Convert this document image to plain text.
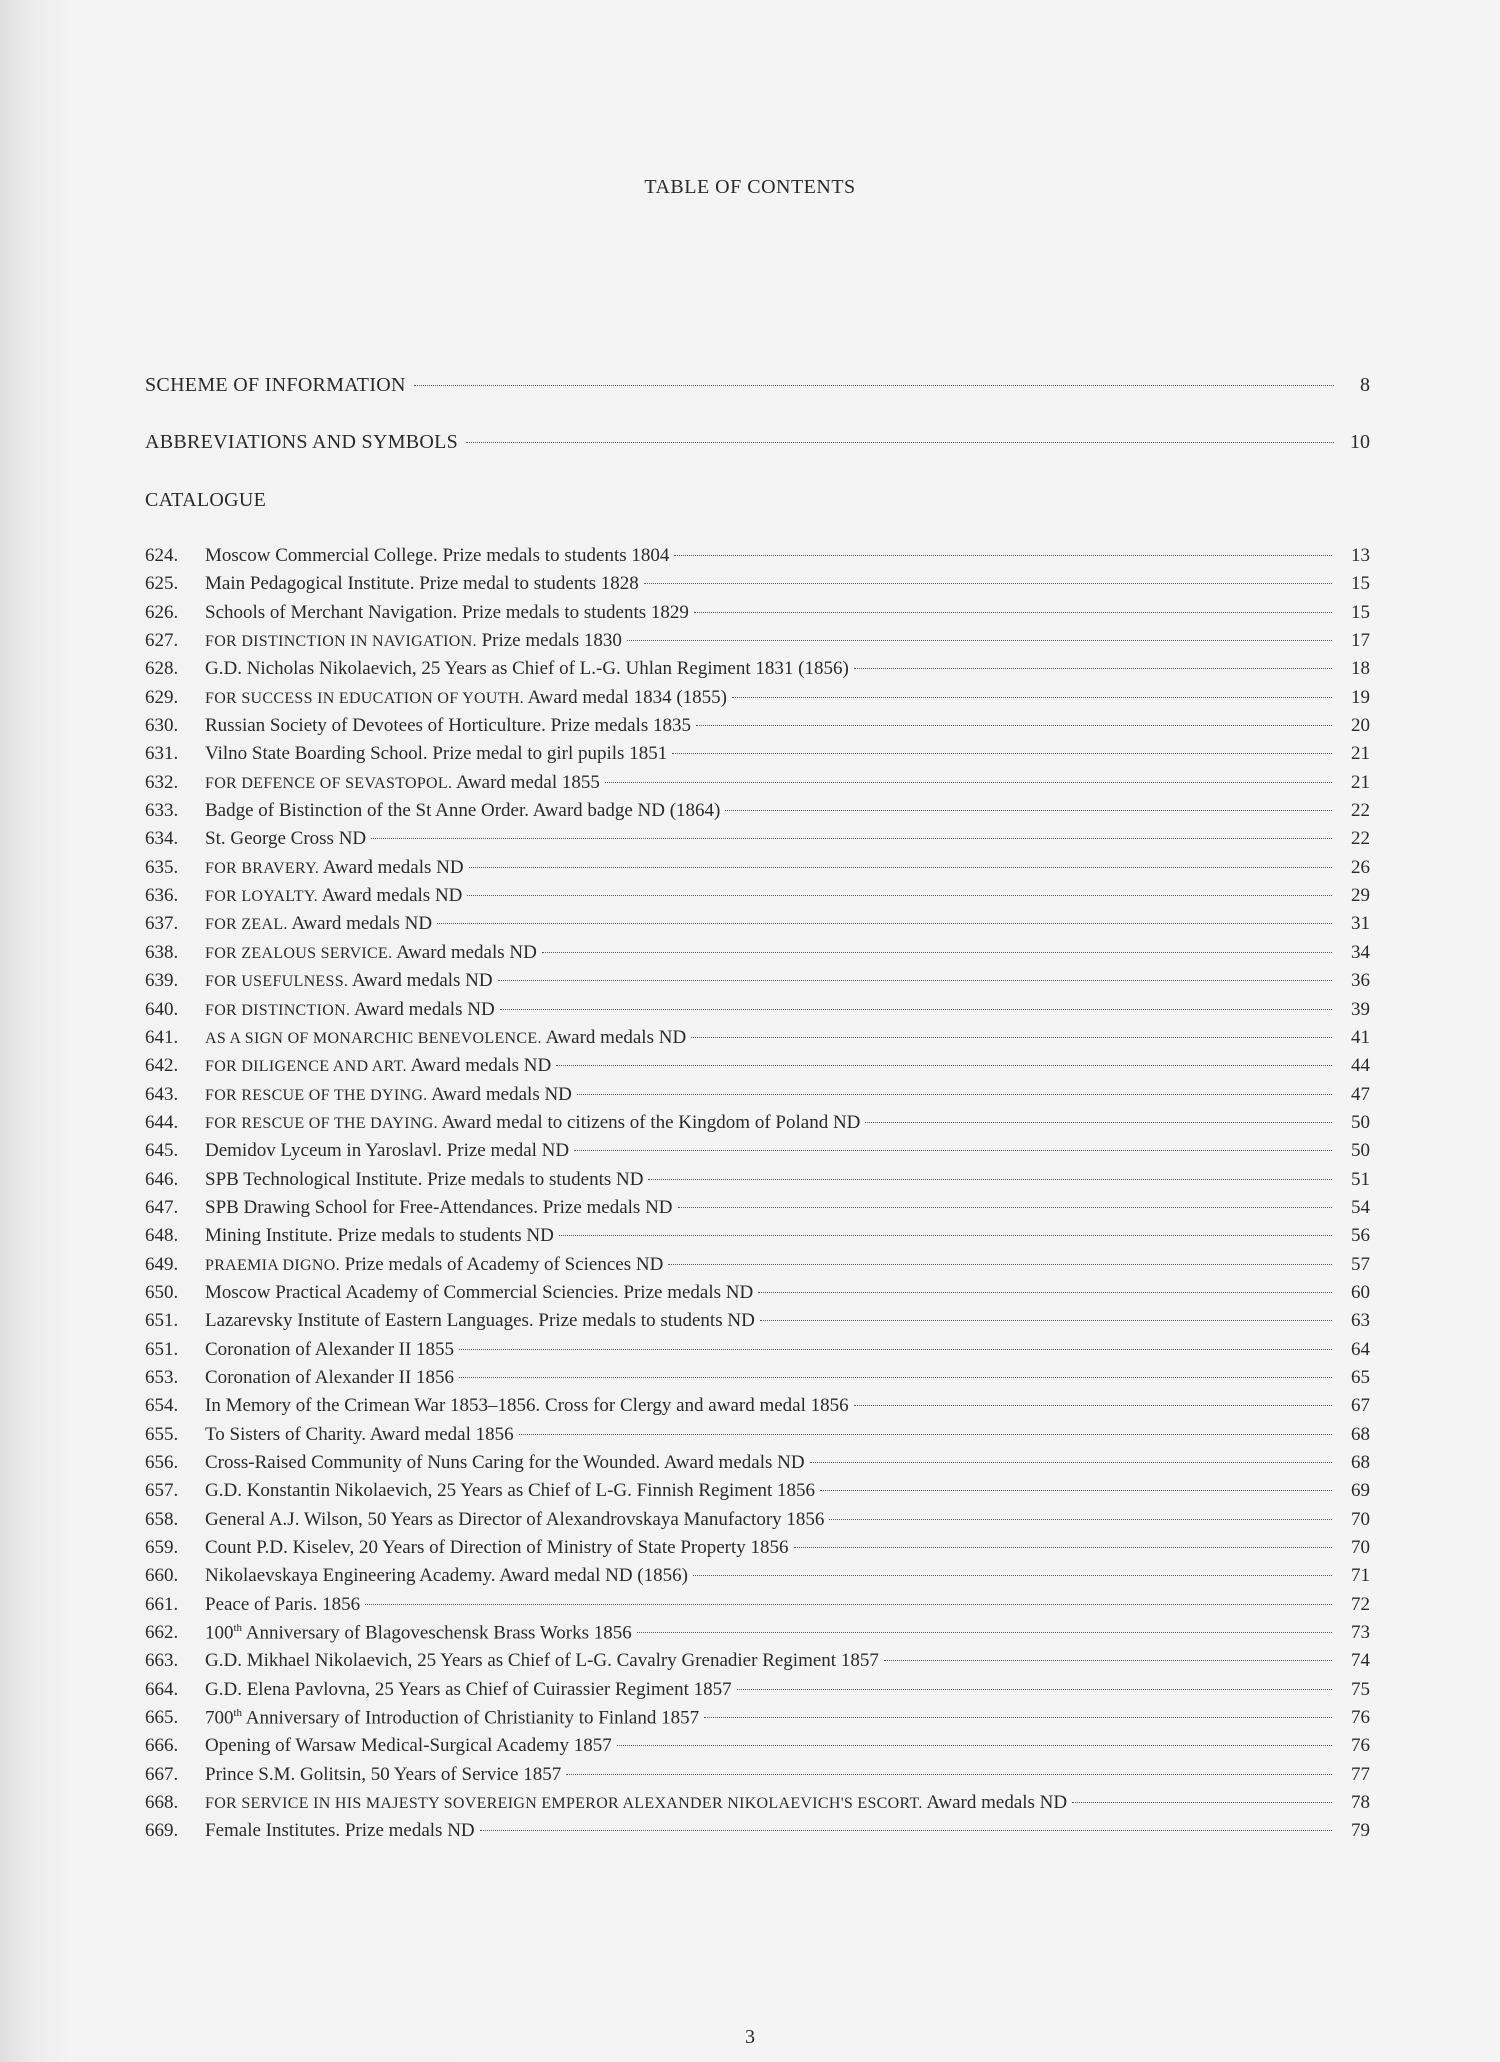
TABLE OF CONTENTS
SCHEME OF INFORMATION	8
ABBREVIATIONS AND SYMBOLS	10
CATALOGUE
624.	Moscow Commercial College. Prize medals to students 1804	13
625.	Main Pedagogical Institute. Prize medal to students 1828	15
626.	Schools of Merchant Navigation. Prize medals to students 1829	15
627.	FOR DISTINCTION IN NAVIGATION. Prize medals 1830	17
628.	G.D. Nicholas Nikolaevich, 25 Years as Chief of L.-G. Uhlan Regiment 1831 (1856)	18
629.	FOR SUCCESS IN EDUCATION OF YOUTH. Award medal 1834 (1855)	19
630.	Russian Society of Devotees of Horticulture. Prize medals 1835	20
631.	Vilno State Boarding School. Prize medal to girl pupils 1851	21
632.	FOR DEFENCE OF SEVASTOPOL. Award medal 1855	21
633.	Badge of Bistinction of the St Anne Order. Award badge ND (1864)	22
634.	St. George Cross ND	22
635.	FOR BRAVERY. Award medals ND	26
636.	FOR LOYALTY. Award medals ND	29
637.	FOR ZEAL. Award medals ND	31
638.	FOR ZEALOUS SERVICE. Award medals ND	34
639.	FOR USEFULNESS. Award medals ND	36
640.	FOR DISTINCTION. Award medals ND	39
641.	AS A SIGN OF MONARCHIC BENEVOLENCE. Award medals ND	41
642.	FOR DILIGENCE AND ART. Award medals ND	44
643.	FOR RESCUE OF THE DYING. Award medals ND	47
644.	FOR RESCUE OF THE DAYING. Award medal to citizens of the Kingdom of Poland ND	50
645.	Demidov Lyceum in Yaroslavl. Prize medal ND	50
646.	SPB Technological Institute. Prize medals to students ND	51
647.	SPB Drawing School for Free-Attendances. Prize medals ND	54
648.	Mining Institute. Prize medals to students ND	56
649.	PRAEMIA DIGNO. Prize medals of Academy of Sciences ND	57
650.	Moscow Practical Academy of Commercial Sciencies. Prize medals ND	60
651.	Lazarevsky Institute of Eastern Languages. Prize medals to students ND	63
651.	Coronation of Alexander II 1855	64
653.	Coronation of Alexander II 1856	65
654.	In Memory of the Crimean War 1853–1856. Cross for Clergy and award medal 1856	67
655.	To Sisters of Charity. Award medal 1856	68
656.	Cross-Raised Community of Nuns Caring for the Wounded. Award medals ND	68
657.	G.D. Konstantin Nikolaevich, 25 Years as Chief of L-G. Finnish Regiment 1856	69
658.	General A.J. Wilson, 50 Years as Director of Alexandrovskaya Manufactory 1856	70
659.	Count P.D. Kiselev, 20 Years of Direction of Ministry of State Property 1856	70
660.	Nikolaevskaya Engineering Academy. Award medal ND (1856)	71
661.	Peace of Paris. 1856	72
662.	100th Anniversary of Blagoveschensk Brass Works 1856	73
663.	G.D. Mikhael Nikolaevich, 25 Years as Chief of L-G. Cavalry Grenadier Regiment 1857	74
664.	G.D. Elena Pavlovna, 25 Years as Chief of Cuirassier Regiment 1857	75
665.	700th Anniversary of Introduction of Christianity to Finland 1857	76
666.	Opening of Warsaw Medical-Surgical Academy 1857	76
667.	Prince S.M. Golitsin, 50 Years of Service 1857	77
668.	FOR SERVICE IN HIS MAJESTY SOVEREIGN EMPEROR ALEXANDER NIKOLAEVICH'S ESCORT. Award medals ND	78
669.	Female Institutes. Prize medals ND	79
3
